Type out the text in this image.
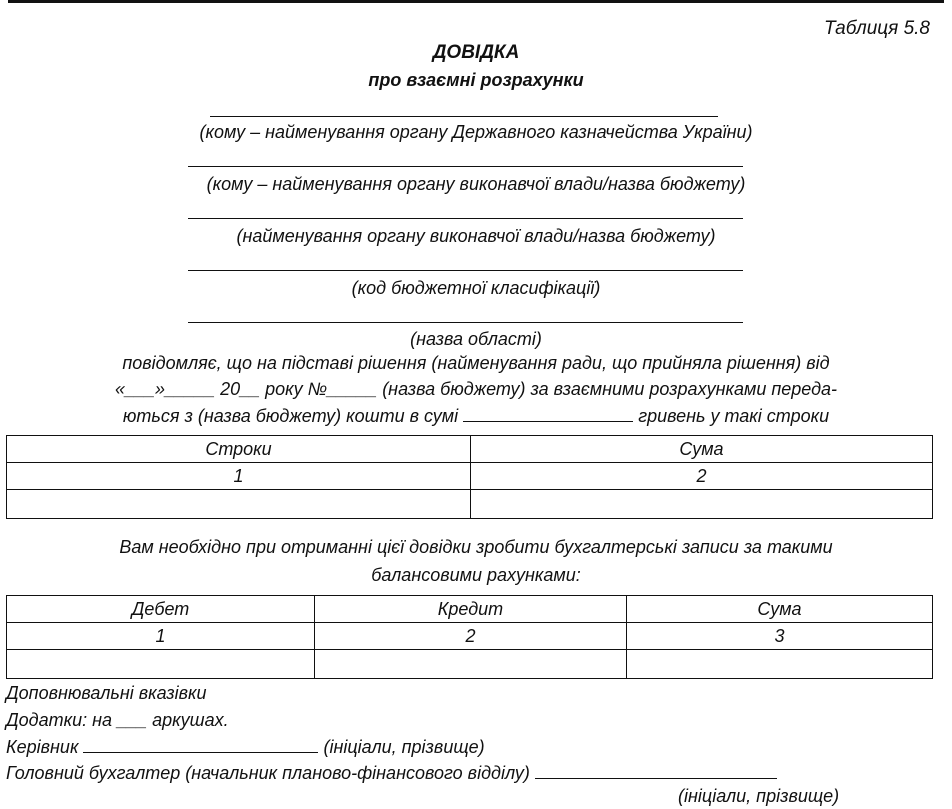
Таблиця 5.8
ДОВІДКА
про взаємні розрахунки
(кому – найменування органу Державного казначейства України)
(кому – найменування органу виконавчої влади/назва бюджету)
(найменування органу виконавчої влади/назва бюджету)
(код бюджетної класифікації)
(назва області)
повідомляє, що на підставі рішення (найменування ради, що прийняла рішення) від
«___»_____ 20__ року №_____ (назва бюджету) за взаємними розрахунками переда-
ються з (назва бюджету) кошти в сумі	гривень у такі строки
Строки	Сума
1	2

Вам необхідно при отриманні цієї довідки зробити бухгалтерські записи за такими
балансовими рахунками:
Дебет	Кредит	Сума
1	2	3

Доповнювальні вказівки
Додатки: на ___ аркушах.
Керівник	(ініціали, прізвище)
Головний бухгалтер (начальник планово-фінансового відділу)
(ініціали, прізвище)
